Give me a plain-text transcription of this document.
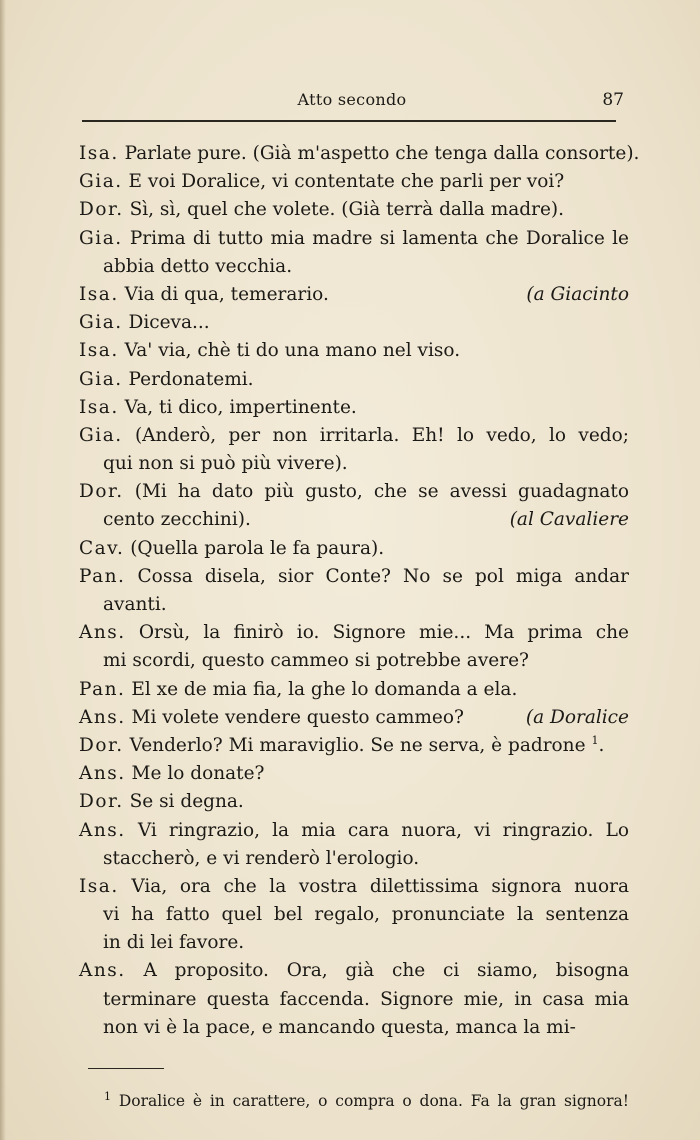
Atto secondo	87
Isa. Parlate pure. (Già m'aspetto che tenga dalla consorte).
Gia. E voi Doralice, vi contentate che parli per voi?
Dor. Sì, sì, quel che volete. (Già terrà dalla madre).
Gia. Prima di tutto mia madre si lamenta che Doralice le
abbia detto vecchia.
Isa.	(a Giacinto
Via di qua, temerario.
Gia. Diceva...
Isa. Va' via, chè ti do una mano nel viso.
Gia. Perdonatemi.
Isa. Va, ti dico, impertinente.
Gia. (Anderò, per non irritarla. Eh! lo vedo, lo vedo;
qui non si può più vivere).
Dor. (Mi ha dato più gusto, che se avessi guadagnato
(al Cavaliere
cento zecchini).
Cav. (Quella parola le fa paura).
Pan. Cossa disela, sior Conte? No se pol miga andar
avanti.
Ans. Orsù, la finirò io. Signore mie... Ma prima che
mi scordi, questo cammeo si potrebbe avere?
Pan. El xe de mia fia, la ghe lo domanda a ela.
Ans.	(a Doralice
Mi volete vendere questo cammeo?
Dor. Venderlo? Mi maraviglio. Se ne serva, è padrone $^1$.
Ans. Me lo donate?
Dor. Se si degna.
Ans. Vi ringrazio, la mia cara nuora, vi ringrazio. Lo
staccherò, e vi renderò l'erologio.
Isa. Via, ora che la vostra dilettissima signora nuora
vi ha fatto quel bel regalo, pronunciate la sentenza
in di lei favore.
Ans. A proposito. Ora, già che ci siamo, bisogna
terminare questa faccenda. Signore mie, in casa mia
non vi è la pace, e mancando questa, manca la mi-
$^1$ Doralice è in carattere, o compra o dona. Fa la gran signora!
